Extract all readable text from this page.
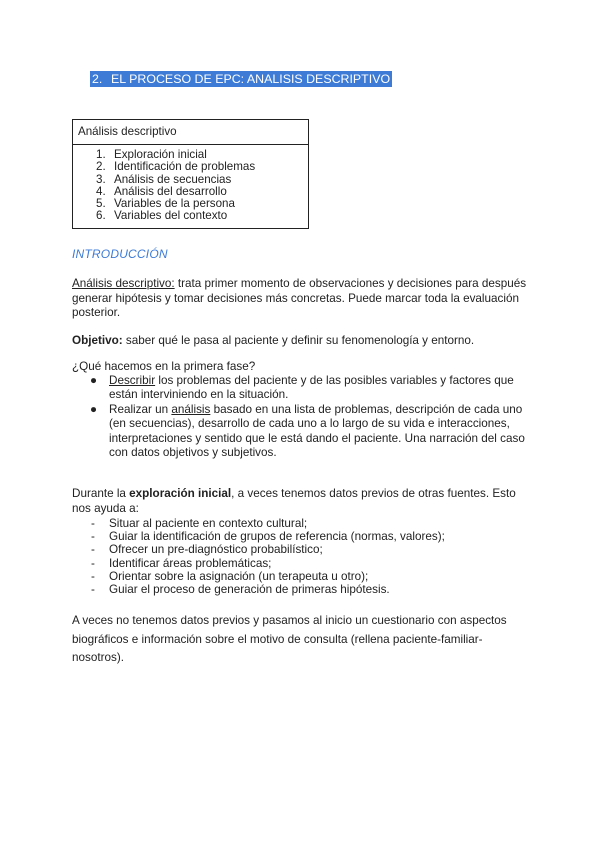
2. EL PROCESO DE EPC: ANALISIS DESCRIPTIVO
Análisis descriptivo

1. Exploración inicial
2. Identificación de problemas
3. Análisis de secuencias
4. Análisis del desarrollo
5. Variables de la persona
6. Variables del contexto
INTRODUCCIÓN
Análisis descriptivo: trata primer momento de observaciones y decisiones para después generar hipótesis y tomar decisiones más concretas. Puede marcar toda la evaluación posterior.
Objetivo: saber qué le pasa al paciente y definir su fenomenología y entorno.
¿Qué hacemos en la primera fase?
● Describir los problemas del paciente y de las posibles variables y factores que están interviniendo en la situación.
● Realizar un análisis basado en una lista de problemas, descripción de cada uno (en secuencias), desarrollo de cada uno a lo largo de su vida e interacciones, interpretaciones y sentido que le está dando el paciente. Una narración del caso con datos objetivos y subjetivos.
Durante la exploración inicial, a veces tenemos datos previos de otras fuentes. Esto nos ayuda a:
- Situar al paciente en contexto cultural;
- Guiar la identificación de grupos de referencia (normas, valores);
- Ofrecer un pre-diagnóstico probabilístico;
- Identificar áreas problemáticas;
- Orientar sobre la asignación (un terapeuta u otro);
- Guiar el proceso de generación de primeras hipótesis.
A veces no tenemos datos previos y pasamos al inicio un cuestionario con aspectos biográficos e información sobre el motivo de consulta (rellena paciente-familiar-nosotros).
